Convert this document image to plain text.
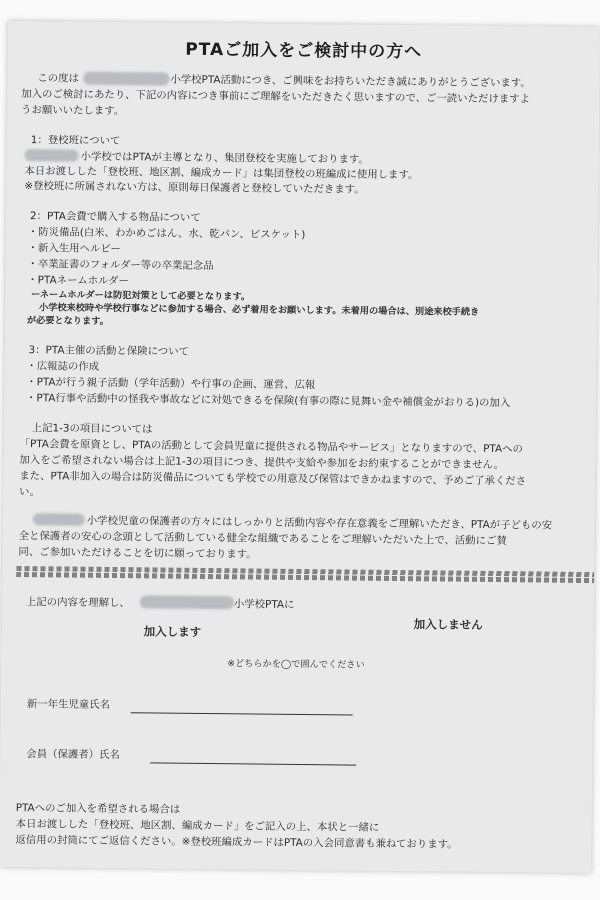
PTAご加入をご検討中の方へ
この度は	小学校PTA活動につき、ご興味をお持ちいただき誠にありがとうございます。
加入のご検討にあたり、下記の内容につき事前にご理解をいただきたく思いますので、ご一読いただけますよ
うお願いいたします。
1：登校班について
小学校ではPTAが主導となり、集団登校を実施しております。
本日お渡しした「登校班、地区割、編成カード」は集団登校の班編成に使用します。
※登校班に所属されない方は、原則毎日保護者と登校していただきます。
2：PTA会費で購入する物品について
・防災備品(白米、わかめごはん、水、乾パン、ビスケット)
・新入生用ヘルビー
・卒業証書のフォルダー等の卒業記念品
・PTAネームホルダー
ーネームホルダーは防犯対策として必要となります。
小学校来校時や学校行事などに参加する場合、必ず着用をお願いします。未着用の場合は、別途来校手続き
が必要となります。
3：PTA主催の活動と保険について
・広報誌の作成
・PTAが行う親子活動（学年活動）や行事の企画、運営、広報
・PTA行事や活動中の怪我や事故などに対処できるを保険(有事の際に見舞い金や補償金がおりる)の加入
上記1-3の項目については
「PTA会費を原資とし、PTAの活動として会員児童に提供される物品やサービス」となりますので、PTAへの
加入をご希望されない場合は上記1-3の項目につき、提供や支給や参加をお約束することができません。
また、PTA非加入の場合は防災備品についても学校での用意及び保管はできかねますので、予めご了承くださ
い。
小学校児童の保護者の方々にはしっかりと活動内容や存在意義をご理解いただき、PTAが子どもの安
全と保護者の安心の念頭として活動している健全な組織であることをご理解いただいた上で、活動にご賛
同、ご参加いただけることを切に願っております。
上記の内容を理解し、	小学校PTAに
加入します	加入しません
※どちらかを◯で囲んでください
新一年生児童氏名
会員（保護者）氏名
PTAへのご加入を希望される場合は
本日お渡しした「登校班、地区割、編成カード」をご記入の上、本状と一緒に
返信用の封筒にてご返信ください。※登校班編成カードはPTAの入会同意書も兼ねております。
